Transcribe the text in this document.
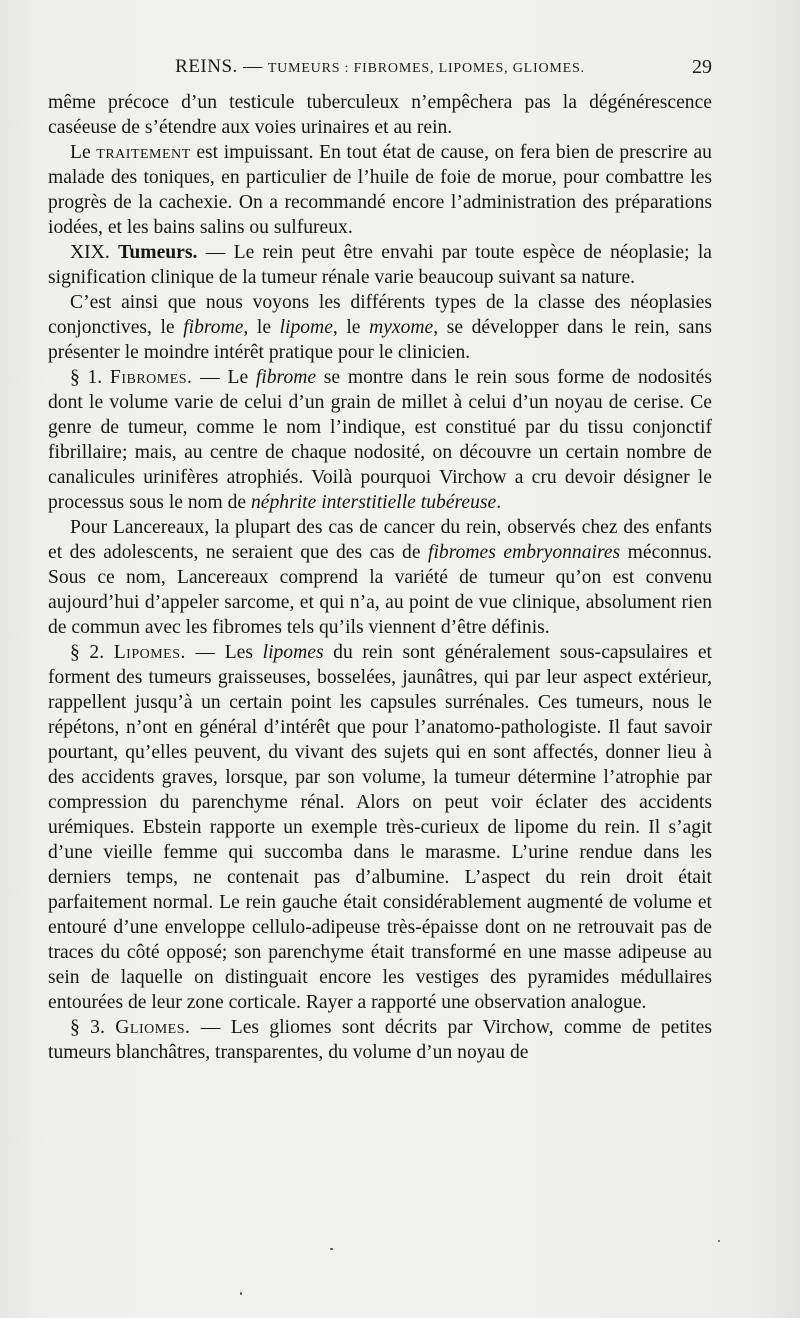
REINS. — TUMEURS : FIBROMES, LIPOMES, GLIOMES.	29

même précoce d’un testicule tuberculeux n’empêchera pas la dégénérescence caséeuse de s’étendre aux voies urinaires et au rein.

Le traitement est impuissant. En tout état de cause, on fera bien de prescrire au malade des toniques, en particulier de l’huile de foie de morue, pour combattre les progrès de la cachexie. On a recommandé encore l’administration des préparations iodées, et les bains salins ou sulfureux.

XIX. Tumeurs. — Le rein peut être envahi par toute espèce de néoplasie; la signification clinique de la tumeur rénale varie beaucoup suivant sa nature.

C’est ainsi que nous voyons les différents types de la classe des néoplasies conjonctives, le fibrome, le lipome, le myxome, se développer dans le rein, sans présenter le moindre intérêt pratique pour le clinicien.

§ 1. Fibromes. — Le fibrome se montre dans le rein sous forme de nodosités dont le volume varie de celui d’un grain de millet à celui d’un noyau de cerise. Ce genre de tumeur, comme le nom l’indique, est constitué par du tissu conjonctif fibrillaire; mais, au centre de chaque nodosité, on découvre un certain nombre de canalicules urinifères atrophiés. Voilà pourquoi Virchow a cru devoir désigner le processus sous le nom de néphrite interstitielle tubéreuse.

Pour Lancereaux, la plupart des cas de cancer du rein, observés chez des enfants et des adolescents, ne seraient que des cas de fibromes embryonnaires méconnus. Sous ce nom, Lancereaux comprend la variété de tumeur qu’on est convenu aujourd’hui d’appeler sarcome, et qui n’a, au point de vue clinique, absolument rien de commun avec les fibromes tels qu’ils viennent d’être définis.

§ 2. Lipomes. — Les lipomes du rein sont généralement sous-capsulaires et forment des tumeurs graisseuses, bosselées, jaunâtres, qui par leur aspect extérieur, rappellent jusqu’à un certain point les capsules surrénales. Ces tumeurs, nous le répétons, n’ont en général d’intérêt que pour l’anatomo-pathologiste. Il faut savoir pourtant, qu’elles peuvent, du vivant des sujets qui en sont affectés, donner lieu à des accidents graves, lorsque, par son volume, la tumeur détermine l’atrophie par compression du parenchyme rénal. Alors on peut voir éclater des accidents urémiques. Ebstein rapporte un exemple très-curieux de lipome du rein. Il s’agit d’une vieille femme qui succomba dans le marasme. L’urine rendue dans les derniers temps, ne contenait pas d’albumine. L’aspect du rein droit était parfaitement normal. Le rein gauche était considérablement augmenté de volume et entouré d’une enveloppe cellulo-adipeuse très-épaisse dont on ne retrouvait pas de traces du côté opposé; son parenchyme était transformé en une masse adipeuse au sein de laquelle on distinguait encore les vestiges des pyramides médullaires entourées de leur zone corticale. Rayer a rapporté une observation analogue.

§ 3. Gliomes. — Les gliomes sont décrits par Virchow, comme de petites tumeurs blanchâtres, transparentes, du volume d’un noyau de
